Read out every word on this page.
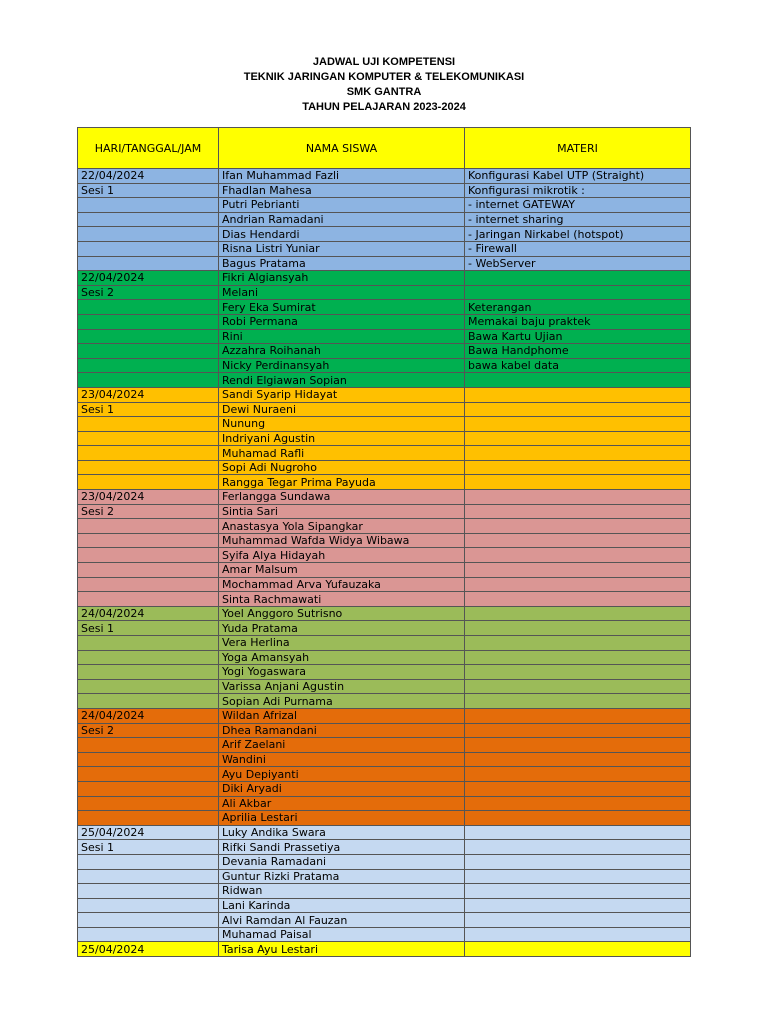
JADWAL UJI KOMPETENSI
TEKNIK JARINGAN KOMPUTER & TELEKOMUNIKASI
SMK GANTRA
TAHUN PELAJARAN 2023-2024
HARI/TANGGAL/JAM	NAMA SISWA	MATERI
22/04/2024	Ifan Muhammad Fazli	Konfigurasi Kabel UTP (Straight)
Sesi 1	Fhadlan Mahesa	Konfigurasi mikrotik :
	Putri Pebrianti	- internet GATEWAY
	Andrian Ramadani	- internet sharing
	Dias Hendardi	- Jaringan Nirkabel (hotspot)
	Risna Listri Yuniar	- Firewall
	Bagus Pratama	- WebServer
22/04/2024	Fikri Algiansyah	
Sesi 2	Melani	
	Fery Eka Sumirat	Keterangan
	Robi Permana	Memakai baju praktek
	Rini	Bawa Kartu Ujian
	Azzahra Roihanah	Bawa Handphome
	Nicky Perdinansyah	bawa kabel data
	Rendi Elgiawan Sopian	
23/04/2024	Sandi Syarip Hidayat	
Sesi 1	Dewi Nuraeni	
	Nunung	
	Indriyani Agustin	
	Muhamad Rafli	
	Sopi Adi Nugroho	
	Rangga Tegar Prima Payuda	
23/04/2024	Ferlangga Sundawa	
Sesi 2	Sintia Sari	
	Anastasya Yola Sipangkar	
	Muhammad Wafda Widya Wibawa	
	Syifa Alya Hidayah	
	Amar Malsum	
	Mochammad Arva Yufauzaka	
	Sinta Rachmawati	
24/04/2024	Yoel Anggoro Sutrisno	
Sesi 1	Yuda Pratama	
	Vera Herlina	
	Yoga Amansyah	
	Yogi Yogaswara	
	Varissa Anjani Agustin	
	Sopian Adi Purnama	
24/04/2024	Wildan Afrizal	
Sesi 2	Dhea Ramandani	
	Arif Zaelani	
	Wandini	
	Ayu Depiyanti	
	Diki Aryadi	
	Ali Akbar	
	Aprilia Lestari	
25/04/2024	Luky Andika Swara	
Sesi 1	Rifki Sandi Prassetiya	
	Devania Ramadani	
	Guntur Rizki Pratama	
	Ridwan	
	Lani Karinda	
	Alvi Ramdan Al Fauzan	
	Muhamad Paisal	
25/04/2024	Tarisa Ayu Lestari	
